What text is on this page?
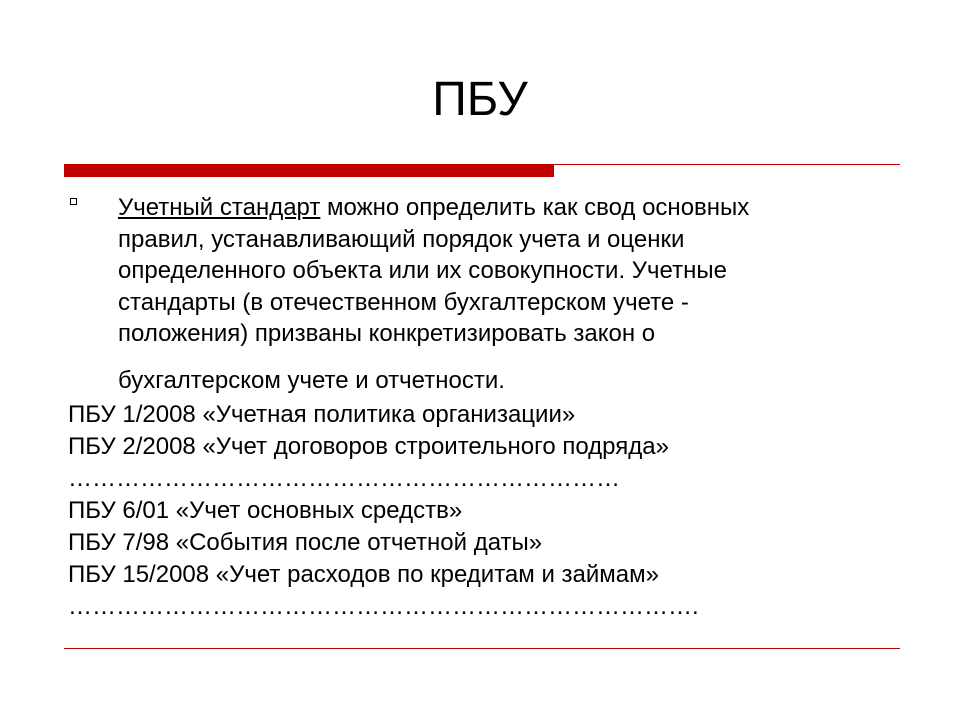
ПБУ
Учетный стандарт можно определить как свод основных
правил, устанавливающий порядок учета и оценки
определенного объекта или их совокупности. Учетные
стандарты (в отечественном бухгалтерском учете -
положения) призваны конкретизировать закон о
бухгалтерском учете и отчетности.
ПБУ 1/2008 «Учетная политика организации»
ПБУ 2/2008 «Учет договоров строительного подряда»
……………………………………………………………
ПБУ 6/01 «Учет основных средств»
ПБУ 7/98 «События после отчетной даты»
ПБУ 15/2008 «Учет расходов по кредитам и займам»
…………………………………………………………………….
